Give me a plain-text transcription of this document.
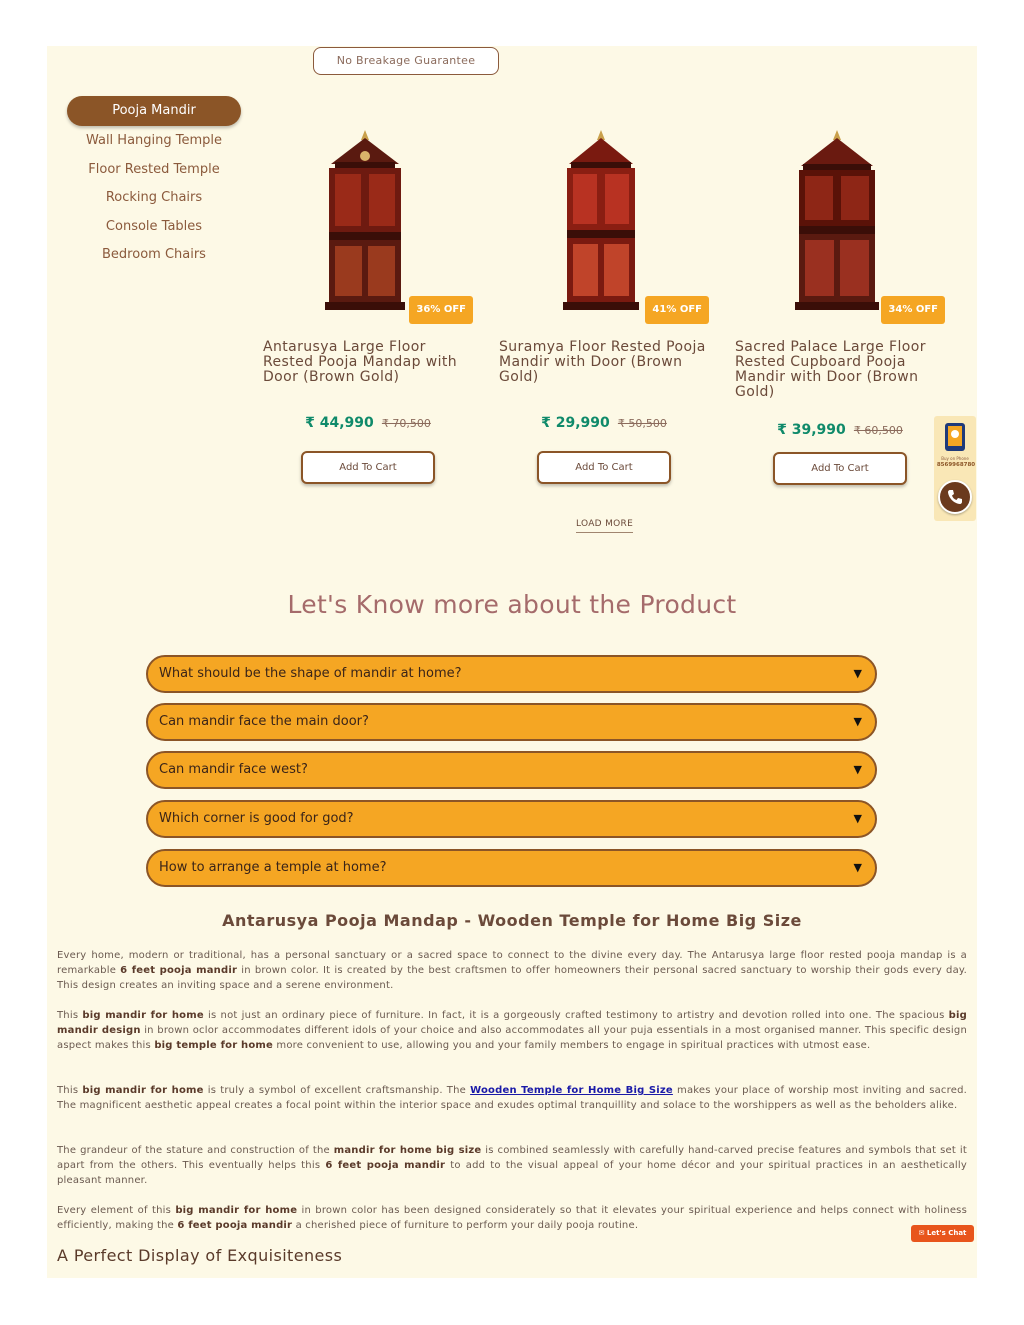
No Breakage Guarantee
Pooja Mandir
Wall Hanging Temple
Floor Rested Temple
Rocking Chairs
Console Tables
Bedroom Chairs
36% OFF
Antarusya Large Floor Rested Pooja Mandap with Door (Brown Gold)
₹ 44,990 ₹ 70,500
Add To Cart
41% OFF
Suramya Floor Rested Pooja Mandir with Door (Brown Gold)
₹ 29,990 ₹ 50,500
Add To Cart
34% OFF
Sacred Palace Large Floor Rested Cupboard Pooja Mandir with Door (Brown Gold)
₹ 39,990 ₹ 60,500
Add To Cart
LOAD MORE
Let's Know more about the Product
What should be the shape of mandir at home?	▼
Can mandir face the main door?	▼
Can mandir face west?	▼
Which corner is good for god?	▼
How to arrange a temple at home?	▼
Antarusya Pooja Mandap - Wooden Temple for Home Big Size

Every home, modern or traditional, has a personal sanctuary or a sacred space to connect to the divine every day. The Antarusya large floor rested pooja mandap is a remarkable 6 feet pooja mandir in brown color. It is created by the best craftsmen to offer homeowners their personal sacred sanctuary to worship their gods every day. This design creates an inviting space and a serene environment.

This big mandir for home is not just an ordinary piece of furniture. In fact, it is a gorgeously crafted testimony to artistry and devotion rolled into one. The spacious big mandir design in brown oclor accommodates different idols of your choice and also accommodates all your puja essentials in a most organised manner. This specific design aspect makes this big temple for home more convenient to use, allowing you and your family members to engage in spiritual practices with utmost ease.

This big mandir for home is truly a symbol of excellent craftsmanship. The Wooden Temple for Home Big Size makes your place of worship most inviting and sacred. The magnificent aesthetic appeal creates a focal point within the interior space and exudes optimal tranquillity and solace to the worshippers as well as the beholders alike.

The grandeur of the stature and construction of the mandir for home big size is combined seamlessly with carefully hand-carved precise features and symbols that set it apart from the others. This eventually helps this 6 feet pooja mandir to add to the visual appeal of your home décor and your spiritual practices in an aesthetically pleasant manner.

Every element of this big mandir for home in brown color has been designed considerately so that it elevates your spiritual experience and helps connect with holiness efficiently, making the 6 feet pooja mandir a cherished piece of furniture to perform your daily pooja routine.

A Perfect Display of Exquisiteness
Buy on Phone
8569968780
✉ Let's Chat
